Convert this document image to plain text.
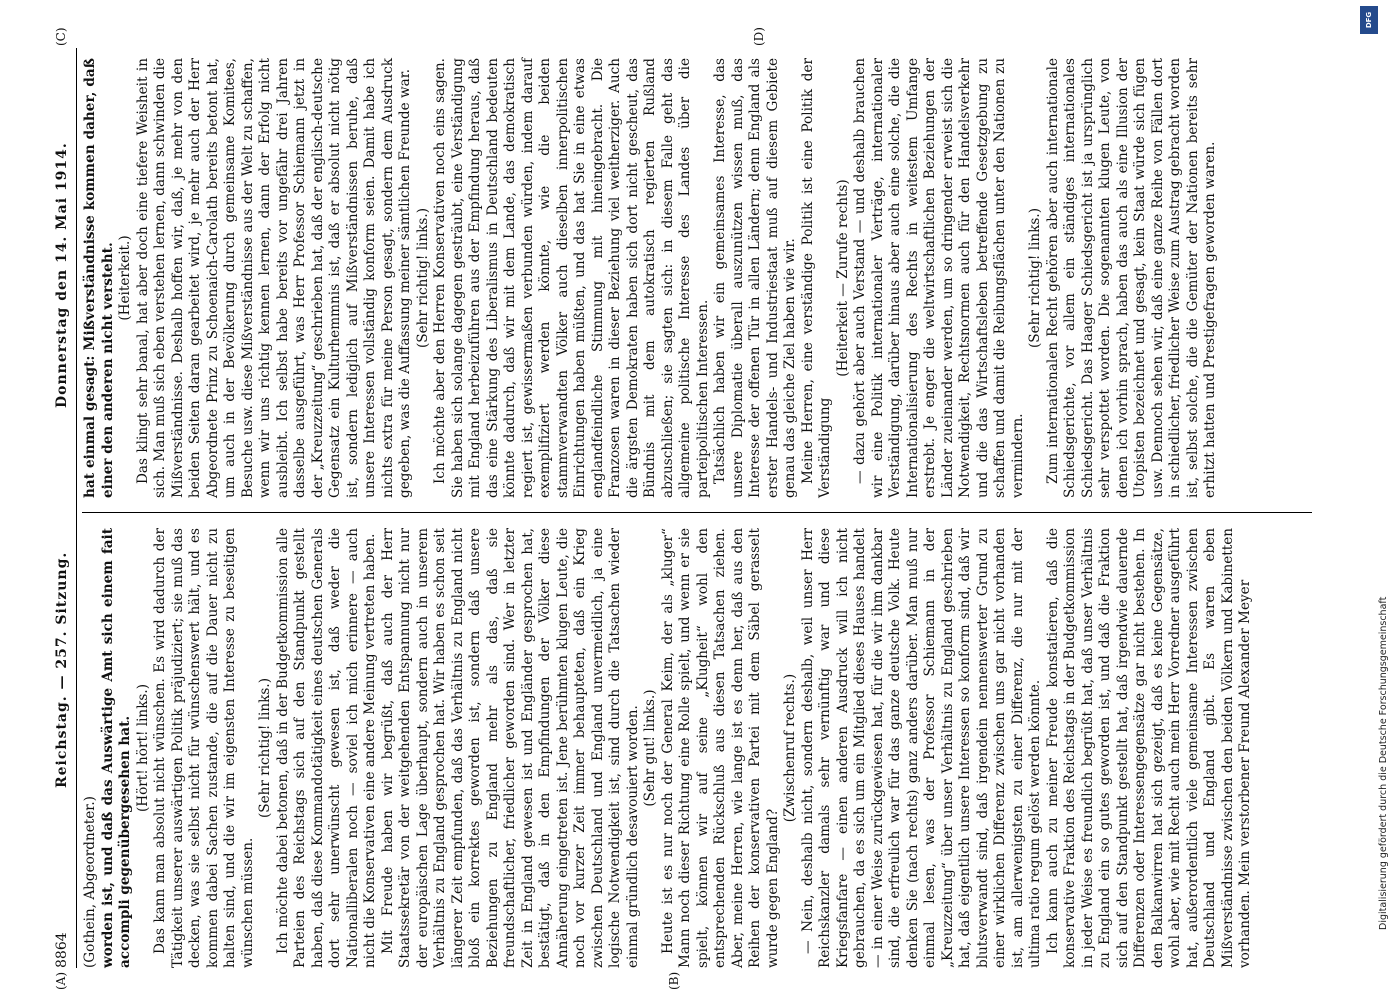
8864
Reichstag. — 257. Sitzung.
Donnerstag den 14. Mai 1914.
(A)	(B)
(C)	(D)

(Gothein, Abgeordneter.) worden ist, und daß das Auswärtige Amt sich einem fait accompli gegenübergesehen hat. (Hört! hört! links.) Das kann man absolut nicht wünschen. Es wird dadurch der Tätigkeit unserer auswärtigen Politik präjudiziert; sie muß das decken, was sie selbst nicht für wünschenswert hält, und es kommen dabei Sachen zustande, die auf die Dauer nicht zu halten sind, und die wir im eigensten Interesse zu beseitigen wünschen müssen.

(Sehr richtig! links.) Ich möchte dabei betonen, daß in der Budgetkommission alle Parteien des Reichstags sich auf den Standpunkt gestellt haben, daß diese Kommandotätigkeit eines deutschen Generals dort sehr unerwünscht gewesen ist, daß weder die Nationalliberalen noch — soviel ich mich erinnere — auch nicht die Konservativen eine andere Meinung vertreten haben. Mit Freude haben wir begrüßt, daß auch der Herr Staatssekretär von der weitgehenden Entspannung nicht nur der europäischen Lage überhaupt, sondern auch in unserem Verhältnis zu England gesprochen hat. Wir haben es schon seit längerer Zeit empfunden, daß das Verhältnis zu England nicht bloß ein korrektes geworden ist, sondern daß unsere Beziehungen zu England mehr als das, daß sie freundschaftlicher, friedlicher geworden sind. Wer in letzter Zeit in England gewesen ist und Engländer gesprochen hat, bestätigt, daß in den Empfindungen der Völker diese Annäherung eingetreten ist. Jene berühmten klugen Leute, die noch vor kurzer Zeit immer behaupteten, daß ein Krieg zwischen Deutschland und England unvermeidlich, ja eine logische Notwendigkeit ist, sind durch die Tatsachen wieder einmal gründlich desavouiert worden. (Sehr gut! links.) Heute ist es nur noch der General Keim, der als „kluger“ Mann noch dieser Richtung eine Rolle spielt, und wenn er sie spielt, können wir auf seine „Klugheit“ wohl den entsprechenden Rückschluß aus diesen Tatsachen ziehen. Aber, meine Herren, wie lange ist es denn her, daß aus den Reihen der konservativen Partei mit dem Säbel gerasselt wurde gegen England?

(Zwischenruf rechts.) — Nein, deshalb nicht, sondern deshalb, weil unser Herr Reichskanzler damals sehr vernünftig war und diese Kriegsfanfare — einen anderen Ausdruck will ich nicht gebrauchen, da es sich um ein Mitglied dieses Hauses handelt — in einer Weise zurückgewiesen hat, für die wir ihm dankbar sind, die erfreulich war für das ganze deutsche Volk. Heute denken Sie (nach rechts) ganz anders darüber. Man muß nur einmal lesen, was der Professor Schiemann in der „Kreuzzeitung“ über unser Verhältnis zu England geschrieben hat, daß eigentlich unsere Interessen so konform sind, daß wir blutsverwandt sind, daß irgendein nennenswerter Grund zu einer wirklichen Differenz zwischen uns gar nicht vorhanden ist, am allerwenigsten zu einer Differenz, die nur mit der ultima ratio regum gelöst werden könnte. Ich kann auch zu meiner Freude konstatieren, daß die konservative Fraktion des Reichstags in der Budgetkommission in jeder Weise es freundlich begrüßt hat, daß unser Verhältnis zu England ein so gutes geworden ist, und daß die Fraktion sich auf den Standpunkt gestellt hat, daß irgendwie dauernde Differenzen oder Interessengegensätze gar nicht bestehen. In den Balkanwirren hat sich gezeigt, daß es keine Gegensätze, wohl aber, wie mit Recht auch mein Herr Vorredner ausgeführt hat, außerordentlich viele gemeinsame Interessen zwischen Deutschland und England gibt. Es waren eben Mißverständnisse zwischen den beiden Völkern und Kabinetten vorhanden. Mein verstorbener Freund Alexander Meyer

hat einmal gesagt: Mißverständnisse kommen daher, daß einer den anderen nicht versteht. (Heiterkeit.) Das klingt sehr banal, hat aber doch eine tiefere Weisheit in sich. Man muß sich eben verstehen lernen, dann schwinden die Mißverständnisse. Deshalb hoffen wir, daß, je mehr von den beiden Seiten daran gearbeitet wird, je mehr auch der Herr Abgeordnete Prinz zu Schoenaich-Carolath bereits betont hat, um auch in der Bevölkerung durch gemeinsame Komitees, Besuche usw. diese Mißverständnisse aus der Welt zu schaffen, wenn wir uns richtig kennen lernen, dann der Erfolg nicht ausbleibt. Ich selbst habe bereits vor ungefähr drei Jahren dasselbe ausgeführt, was Herr Professor Schiemann jetzt in der „Kreuzzeitung“ geschrieben hat, daß der englisch-deutsche Gegensatz ein Kulturhemmnis ist, daß er absolut nicht nötig ist, sondern lediglich auf Mißverständnissen beruhe, daß unsere Interessen vollständig konform seien. Damit habe ich nichts extra für meine Person gesagt, sondern dem Ausdruck gegeben, was die Auffassung meiner sämtlichen Freunde war. (Sehr richtig! links.) Ich möchte aber den Herren Konservativen noch eins sagen. Sie haben sich solange dagegen gesträubt, eine Verständigung mit England herbeizuführen aus der Empfindung heraus, daß das eine Stärkung des Liberalismus in Deutschland bedeuten könnte dadurch, daß wir mit dem Lande, das demokratisch regiert ist, gewissermaßen verbunden würden, indem darauf exemplifiziert werden könnte, wie die beiden stammverwandten Völker auch dieselben innerpolitischen Einrichtungen haben müßten, und das hat Sie in eine etwas englandfeindliche Stimmung mit hineingebracht. Die Franzosen waren in dieser Beziehung viel weitherziger. Auch die ärgsten Demokraten haben sich dort nicht gescheut, das Bündnis mit dem autokratisch regierten Rußland abzuschließen; sie sagten sich: in diesem Falle geht das allgemeine politische Interesse des Landes über die parteipolitischen Interessen. Tatsächlich haben wir ein gemeinsames Interesse, das unsere Diplomatie überall auszunützen wissen muß, das Interesse der offenen Tür in allen Ländern; denn England als erster Handels- und Industriestaat muß auf diesem Gebiete genau das gleiche Ziel haben wie wir. Meine Herren, eine verständige Politik ist eine Politik der Verständigung

(Heiterkeit — Zurufe rechts) — dazu gehört aber auch Verstand — und deshalb brauchen wir eine Politik internationaler Verträge, internationaler Verständigung, darüber hinaus aber auch eine solche, die die Internationalisierung des Rechts in weitestem Umfange erstrebt. Je enger die weltwirtschaftlichen Beziehungen der Länder zueinander werden, um so dringender erweist sich die Notwendigkeit, Rechtsnormen auch für den Handelsverkehr und die das Wirtschaftsleben betreffende Gesetzgebung zu schaffen und damit die Reibungsflächen unter den Nationen zu vermindern.

(Sehr richtig! links.) Zum internationalen Recht gehören aber auch internationale Schiedsgerichte, vor allem ein ständiges internationales Schiedsgericht. Das Haager Schiedsgericht ist ja ursprünglich sehr verspottet worden. Die sogenannten klugen Leute, von denen ich vorhin sprach, haben das auch als eine Illusion der Utopisten bezeichnet und gesagt, kein Staat würde sich fügen usw. Dennoch sehen wir, daß eine ganze Reihe von Fällen dort in schiedlicher, friedlicher Weise zum Austrag gebracht worden ist, selbst solche, die die Gemüter der Nationen bereits sehr erhitzt hatten und Prestigefragen geworden waren.

DFG
Digitalisierung gefördert durch die Deutsche Forschungsgemeinschaft
